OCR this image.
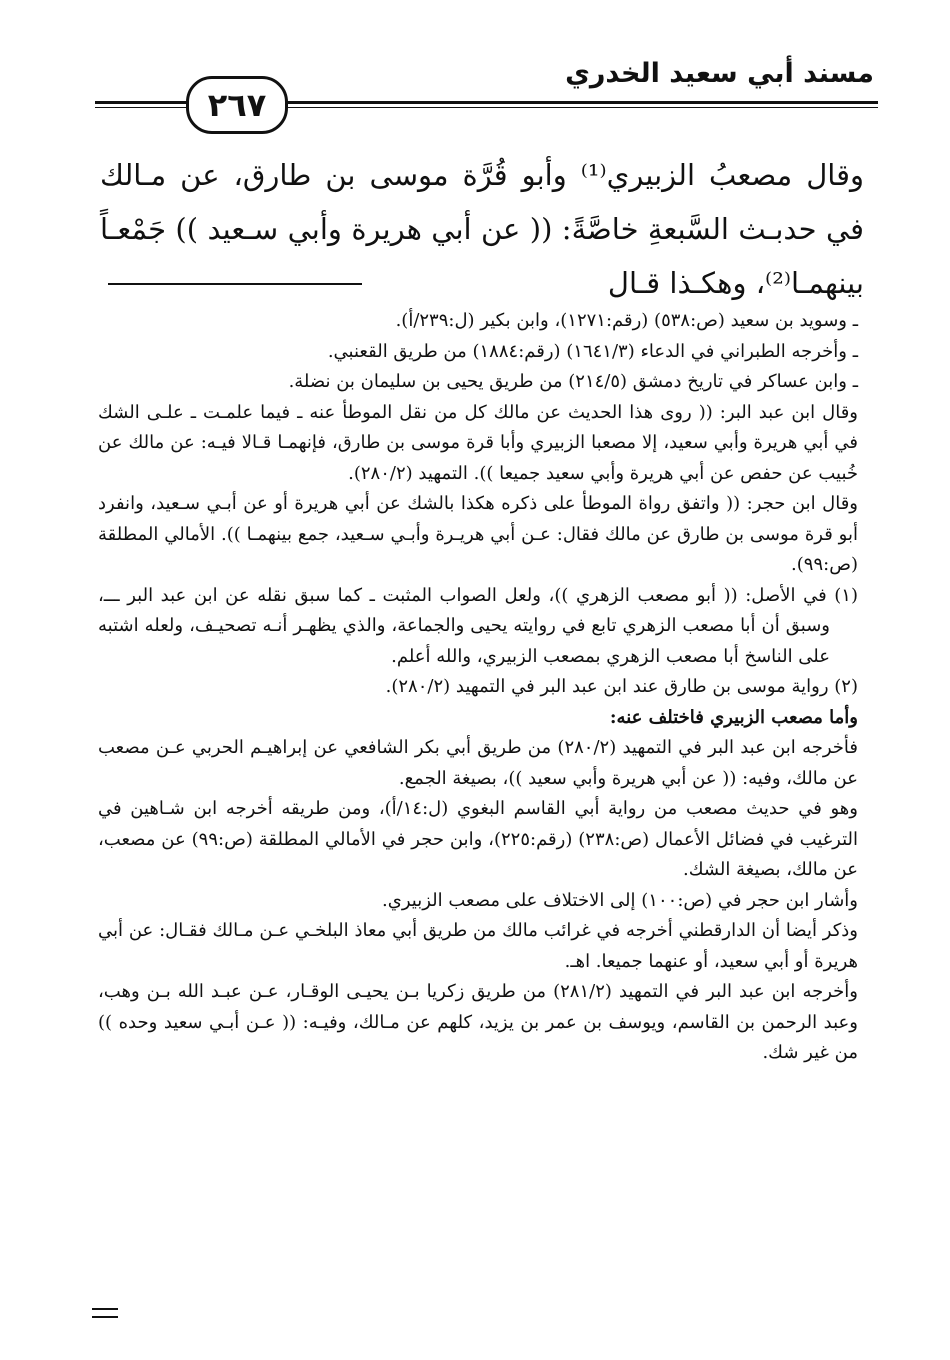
مسند أبي سعيد الخدري
٢٦٧

وقال مصعبُ الزبيري⁽¹⁾ وأبو قُرَّة موسى بن طارق، عن مـالك في حدبـث السَّبعةِ خاصَّةً: (( عن أبي هريرة وأبي سـعيد )) جَمْعـاً بينهمـا⁽²⁾، وهكـذا قـال

ـ وسويد بن سعيد (ص:٥٣٨) (رقم:١٢٧١)، وابن بكير (ل:٢٣٩/أ).

ـ وأخرجه الطبراني في الدعاء (١٦٤١/٣) (رقم:١٨٨٤) من طريق القعنبي.

ـ وابن عساكر في تاريخ دمشق (٢١٤/٥) من طريق يحيى بن سليمان بن نضلة.

وقال ابن عبد البر: (( روى هذا الحديث عن مالك كل من نقل الموطأ عنه ـ فيما علمـت ـ علـى الشك في أبي هريرة وأبي سعيد، إلا مصعبا الزبيري وأبا قرة موسى بن طارق، فإنهمـا قـالا فيـه: عن مالك عن خُبيب عن حفص عن أبي هريرة وأبي سعيد جميعا )). التمهيد (٢٨٠/٢).

وقال ابن حجر: (( واتفق رواة الموطأ على ذكره هكذا بالشك عن أبي هريرة أو عن أبـي سـعيد، وانفرد أبو قرة موسى بن طارق عن مالك فقال: عـن أبي هريـرة وأبـي سـعيد، جمع بينهمـا )). الأمالي المطلقة (ص:٩٩).

(١) في الأصل: (( أبو مصعب الزهري ))، ولعل الصواب المثبت ـ كما سبق نقله عن ابن عبد البر ـــ، وسبق أن أبا مصعب الزهري تابع في روايته يحيى والجماعة، والذي يظهـر أنـه تصحيـف، ولعله اشتبه على الناسخ أبا مصعب الزهري بمصعب الزبيري، والله أعلم.

(٢) رواية موسى بن طارق عند ابن عبد البر في التمهيد (٢٨٠/٢).

وأما مصعب الزبيري فاختلف عنه:

فأخرجه ابن عبد البر في التمهيد (٢٨٠/٢) من طريق أبي بكر الشافعي عن إبراهيـم الحربي عـن مصعب عن مالك، وفيه: (( عن أبي هريرة وأبي سعيد ))، بصيغة الجمع.

وهو في حديث مصعب من رواية أبي القاسم البغوي (ل:١٤/أ)، ومن طريقه أخرجه ابن شـاهين في الترغيب في فضائل الأعمال (ص:٢٣٨) (رقم:٢٢٥)، وابن حجر في الأمالي المطلقة (ص:٩٩) عن مصعب، عن مالك، بصيغة الشك.

وأشار ابن حجر في (ص:١٠٠) إلى الاختلاف على مصعب الزبيري.

وذكر أيضا أن الدارقطني أخرجه في غرائب مالك من طريق أبي معاذ البلخـي عـن مـالك فقـال: عن أبي هريرة أو أبي سعيد، أو عنهما جميعا. اهـ.

وأخرجه ابن عبد البر في التمهيد (٢٨١/٢) من طريق زكريا بـن يحيـى الوقـار، عـن عبـد الله بـن وهب، وعبد الرحمن بن القاسم، ويوسف بن عمر بن يزيد، كلهم عن مـالك، وفيـه: (( عـن أبـي سعيد وحده )) من غير شك.
